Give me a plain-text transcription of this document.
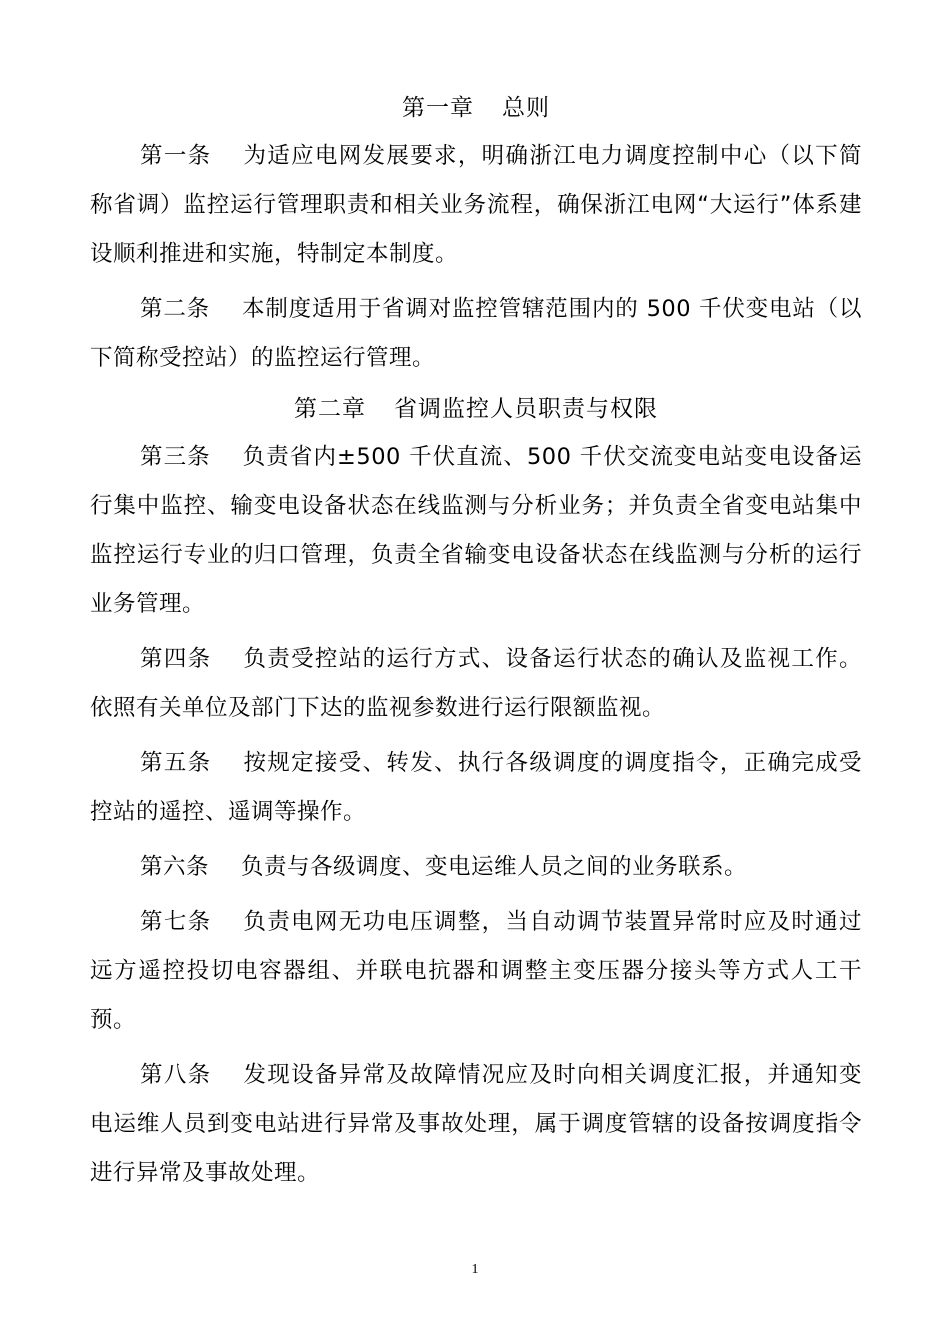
第一章 总则

第一条 为适应电网发展要求，明确浙江电力调度控制中心（以下简称省调）监控运行管理职责和相关业务流程，确保浙江电网“大运行”体系建设顺利推进和实施，特制定本制度。

第二条 本制度适用于省调对监控管辖范围内的 500 千伏变电站（以下简称受控站）的监控运行管理。

第二章 省调监控人员职责与权限

第三条 负责省内±500 千伏直流、500 千伏交流变电站变电设备运行集中监控、输变电设备状态在线监测与分析业务；并负责全省变电站集中监控运行专业的归口管理，负责全省输变电设备状态在线监测与分析的运行业务管理。

第四条 负责受控站的运行方式、设备运行状态的确认及监视工作。依照有关单位及部门下达的监视参数进行运行限额监视。

第五条 按规定接受、转发、执行各级调度的调度指令，正确完成受控站的遥控、遥调等操作。

第六条 负责与各级调度、变电运维人员之间的业务联系。

第七条 负责电网无功电压调整，当自动调节装置异常时应及时通过远方遥控投切电容器组、并联电抗器和调整主变压器分接头等方式人工干预。

第八条 发现设备异常及故障情况应及时向相关调度汇报，并通知变电运维人员到变电站进行异常及事故处理，属于调度管辖的设备按调度指令进行异常及事故处理。

1
